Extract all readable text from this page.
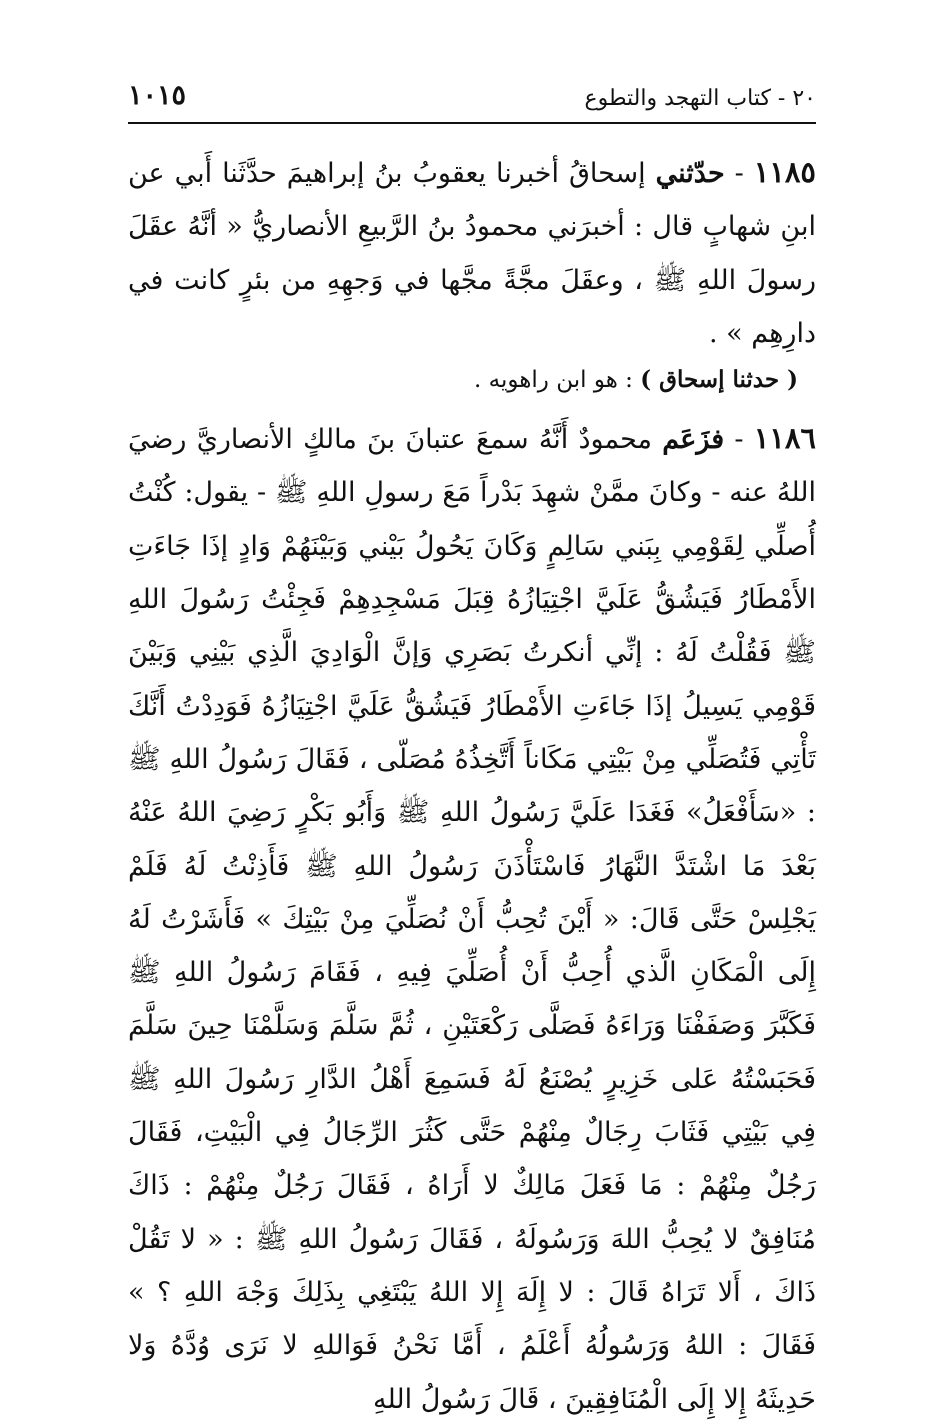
٢٠ - كتاب التهجد والتطوع
١٠١٥

١١٨٥ - حدّثني إسحاقُ أخبرنا يعقوبُ بنُ إبراهيمَ حدَّثَنا أَبي عن ابنِ شهابٍ قال : أخبرَني محمودُ بنُ الرَّبيعِ الأنصاريُّ « أنَّهُ عقَلَ رسولَ اللهِ ﷺ ، وعقَلَ مجَّةً مجَّها في وَجهِهِ من بئرٍ كانت في دارِهِم » .

( حدثنا إسحاق ) : هو ابن راهويه .

١١٨٦ - فزَعَم محمودٌ أَنَّهُ سمعَ عتبانَ بنَ مالكٍ الأنصاريَّ رضيَ اللهُ عنه - وكانَ ممَّنْ شهِدَ بَدْراً مَعَ رسولِ اللهِ ﷺ - يقول: كُنْتُ أُصلِّي لِقَوْمِي بِبَني سَالِمٍ وَكَانَ يَحُولُ بَيْني وَبَيْنَهُمْ وَادٍ إذَا جَاءَتِ الأَمْطَارُ فَيَشُقُّ عَلَيَّ اجْتِيَازُهُ قِبَلَ مَسْجِدِهِمْ فَجِئْتُ رَسُولَ اللهِ ﷺ فَقُلْتُ لَهُ : إنِّي أنكرتُ بَصَرِي وَإنَّ الْوَادِيَ الَّذِي بَيْنِي وَبَيْنَ قَوْمِي يَسِيلُ إذَا جَاءَتِ الأَمْطَارُ فَيَشُقُّ عَلَيَّ اجْتِيَازُهُ فَوَدِدْتُ أَنَّكَ تَأْتِي فَتُصَلِّي مِنْ بَيْتِي مَكَاناً أَتَّخِذُهُ مُصَلّى ، فَقَالَ رَسُولُ اللهِ ﷺ : «سَأَفْعَلُ» فَغَدَا عَلَيَّ رَسُولُ اللهِ ﷺ وَأَبُو بَكْرٍ رَضِيَ اللهُ عَنْهُ بَعْدَ مَا اشْتَدَّ النَّهَارُ فَاسْتَأْذَنَ رَسُولُ اللهِ ﷺ فَأَذِنْتُ لَهُ فَلَمْ يَجْلِسْ حَتَّى قَالَ: « أَيْنَ تُحِبُّ أَنْ نُصَلِّيَ مِنْ بَيْتِكَ » فَأَشَرْتُ لَهُ إِلَى الْمَكَانِ الَّذي أُحِبُّ أَنْ أُصَلِّيَ فِيهِ ، فَقَامَ رَسُولُ اللهِ ﷺ فَكَبَّرَ وَصَفَفْنَا وَرَاءَهُ فَصَلَّى رَكْعَتَيْنِ ، ثُمَّ سَلَّمَ وَسَلَّمْنَا حِينَ سَلَّمَ فَحَبَسْتُهُ عَلى خَزِيرٍ يُصْنَعُ لَهُ فَسَمِعَ أَهْلُ الدَّارِ رَسُولَ اللهِ ﷺ فِي بَيْتِي فَثَابَ رِجَالٌ مِنْهُمْ حَتَّى كَثُرَ الرِّجَالُ فِي الْبَيْتِ، فَقَالَ رَجُلٌ مِنْهُمْ : مَا فَعَلَ مَالِكٌ لا أَرَاهُ ، فَقَالَ رَجُلٌ مِنْهُمْ : ذَاكَ مُنَافِقٌ لا يُحِبُّ اللهَ وَرَسُولَهُ ، فَقَالَ رَسُولُ اللهِ ﷺ : « لا تَقُلْ ذَاكَ ، أَلا تَرَاهُ قَالَ : لا إِلَهَ إِلا اللهُ يَبْتَغِي بِذَلِكَ وَجْهَ اللهِ ؟ » فَقَالَ : اللهُ وَرَسُولُهُ أَعْلَمُ ، أَمَّا نَحْنُ فَوَاللهِ لا نَرَى وُدَّهُ وَلا حَدِيثَهُ إِلا إِلَى الْمُنَافِقِينَ ، قَالَ رَسُولُ اللهِ
